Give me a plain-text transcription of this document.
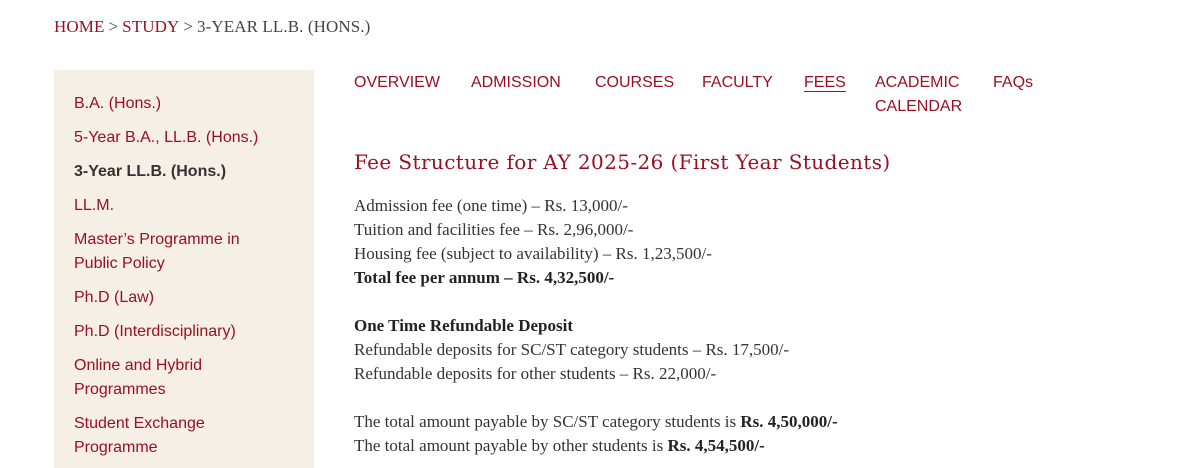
HOME > STUDY > 3-YEAR LL.B. (HONS.)
B.A. (Hons.)
5-Year B.A., LL.B. (Hons.)
3-Year LL.B. (Hons.)
LL.M.
Master’s Programme in Public Policy
Ph.D (Law)
Ph.D (Interdisciplinary)
Online and Hybrid Programmes
Student Exchange Programme
OVERVIEW	ADMISSION	COURSES	FACULTY	FEES	ACADEMIC CALENDAR
FAQs
Fee Structure for AY 2025-26 (First Year Students)

Admission fee (one time) – Rs. 13,000/-

Tuition and facilities fee – Rs. 2,96,000/-

Housing fee (subject to availability) – Rs. 1,23,500/-

Total fee per annum – Rs. 4,32,500/-

One Time Refundable Deposit

Refundable deposits for SC/ST category students – Rs. 17,500/-

Refundable deposits for other students – Rs. 22,000/-

The total amount payable by SC/ST category students is Rs. 4,50,000/-

The total amount payable by other students is Rs. 4,54,500/-
